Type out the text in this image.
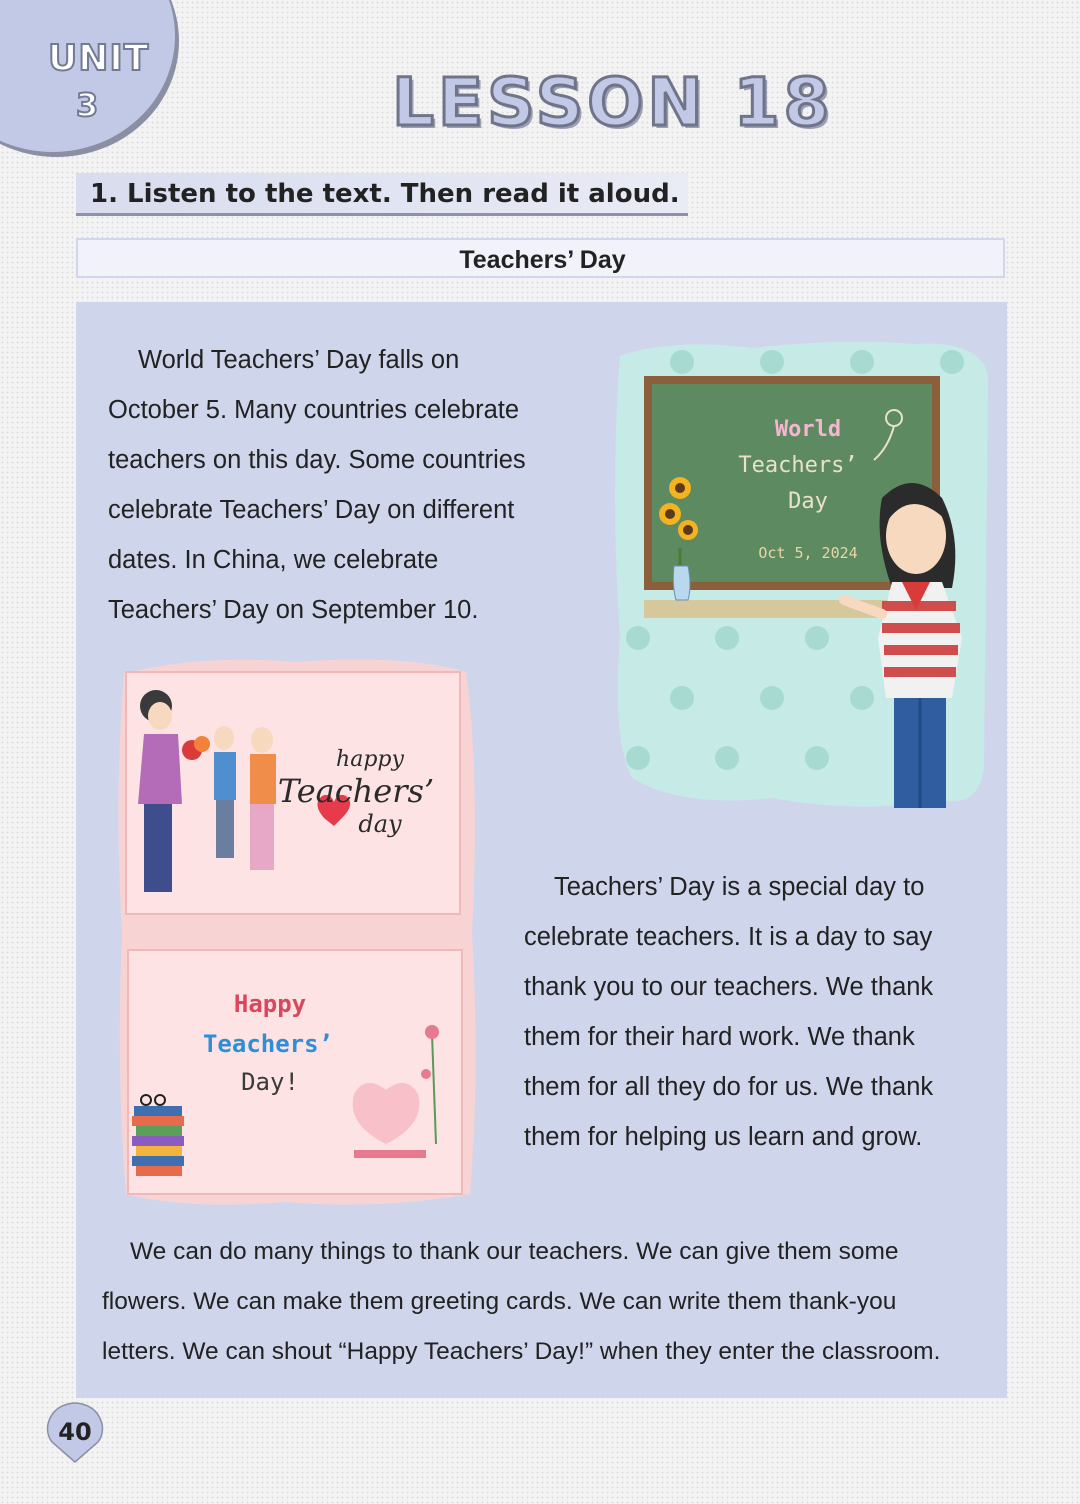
UNIT
3	LESSON 18
1. Listen to the text. Then read it aloud.
Teachers’ Day
World Teachers’ Day falls on
October 5. Many countries celebrate
teachers on this day. Some countries
celebrate Teachers’ Day on different
dates. In China, we celebrate
Teachers’ Day on September 10.
World
Teachers’
Day
Oct 5, 2024
happy
Teachers’
day
Happy
Teachers’
Day!
Teachers’ Day is a special day to
celebrate teachers. It is a day to say
thank you to our teachers. We thank
them for their hard work. We thank
them for all they do for us. We thank
them for helping us learn and grow.
We can do many things to thank our teachers. We can give them some
flowers. We can make them greeting cards. We can write them thank-you
letters. We can shout “Happy Teachers’ Day!” when they enter the classroom.
40
